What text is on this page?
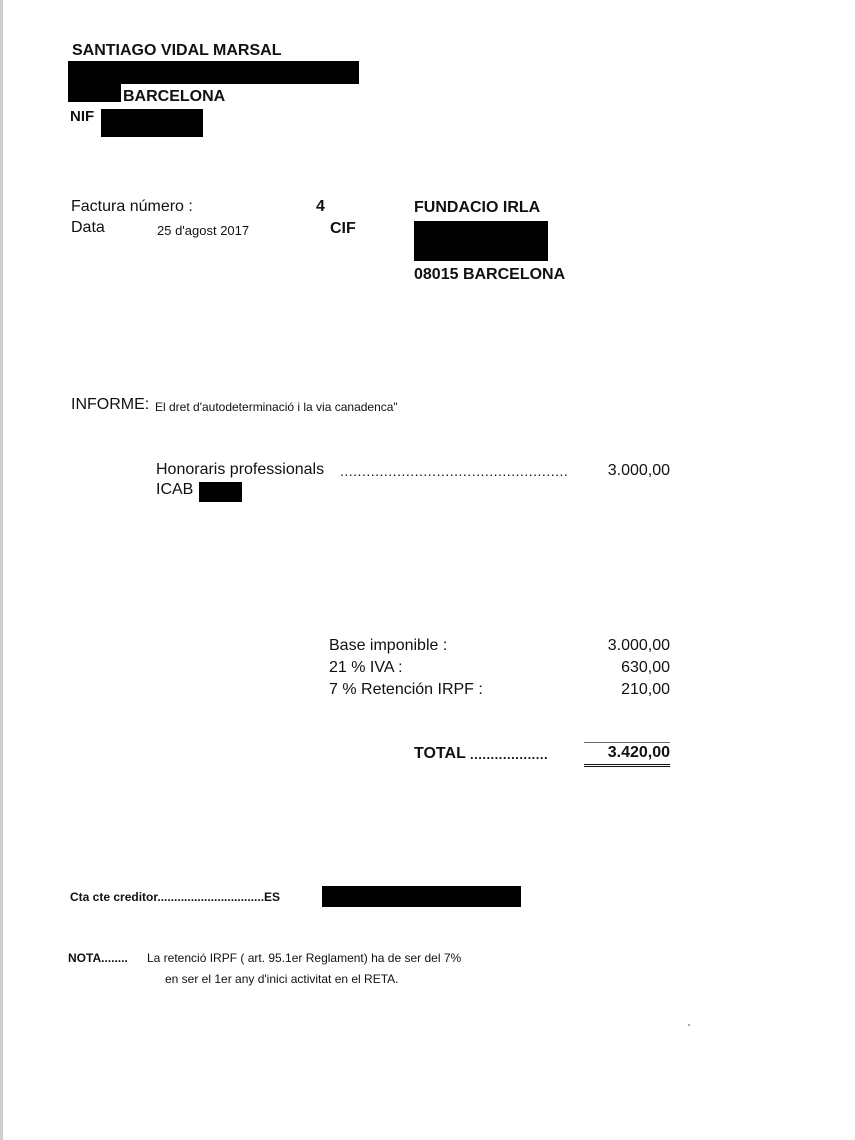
SANTIAGO VIDAL MARSAL
BARCELONA
NIF
Factura número :	4
Data	25 d'agost 2017	CIF
FUNDACIO IRLA
08015 BARCELONA
INFORME: El dret d'autodeterminació i la via canadenca"
Honoraris professionals ....................................................	3.000,00
ICAB
Base imponible :	3.000,00
21 % IVA :	630,00
7 % Retención IRPF :	210,00
TOTAL ...................	3.420,00
Cta cte creditor................................ES
NOTA........ La retenció IRPF ( art. 95.1er Reglament) ha de ser del 7%
en ser el 1er any d'inici activitat en el RETA.
